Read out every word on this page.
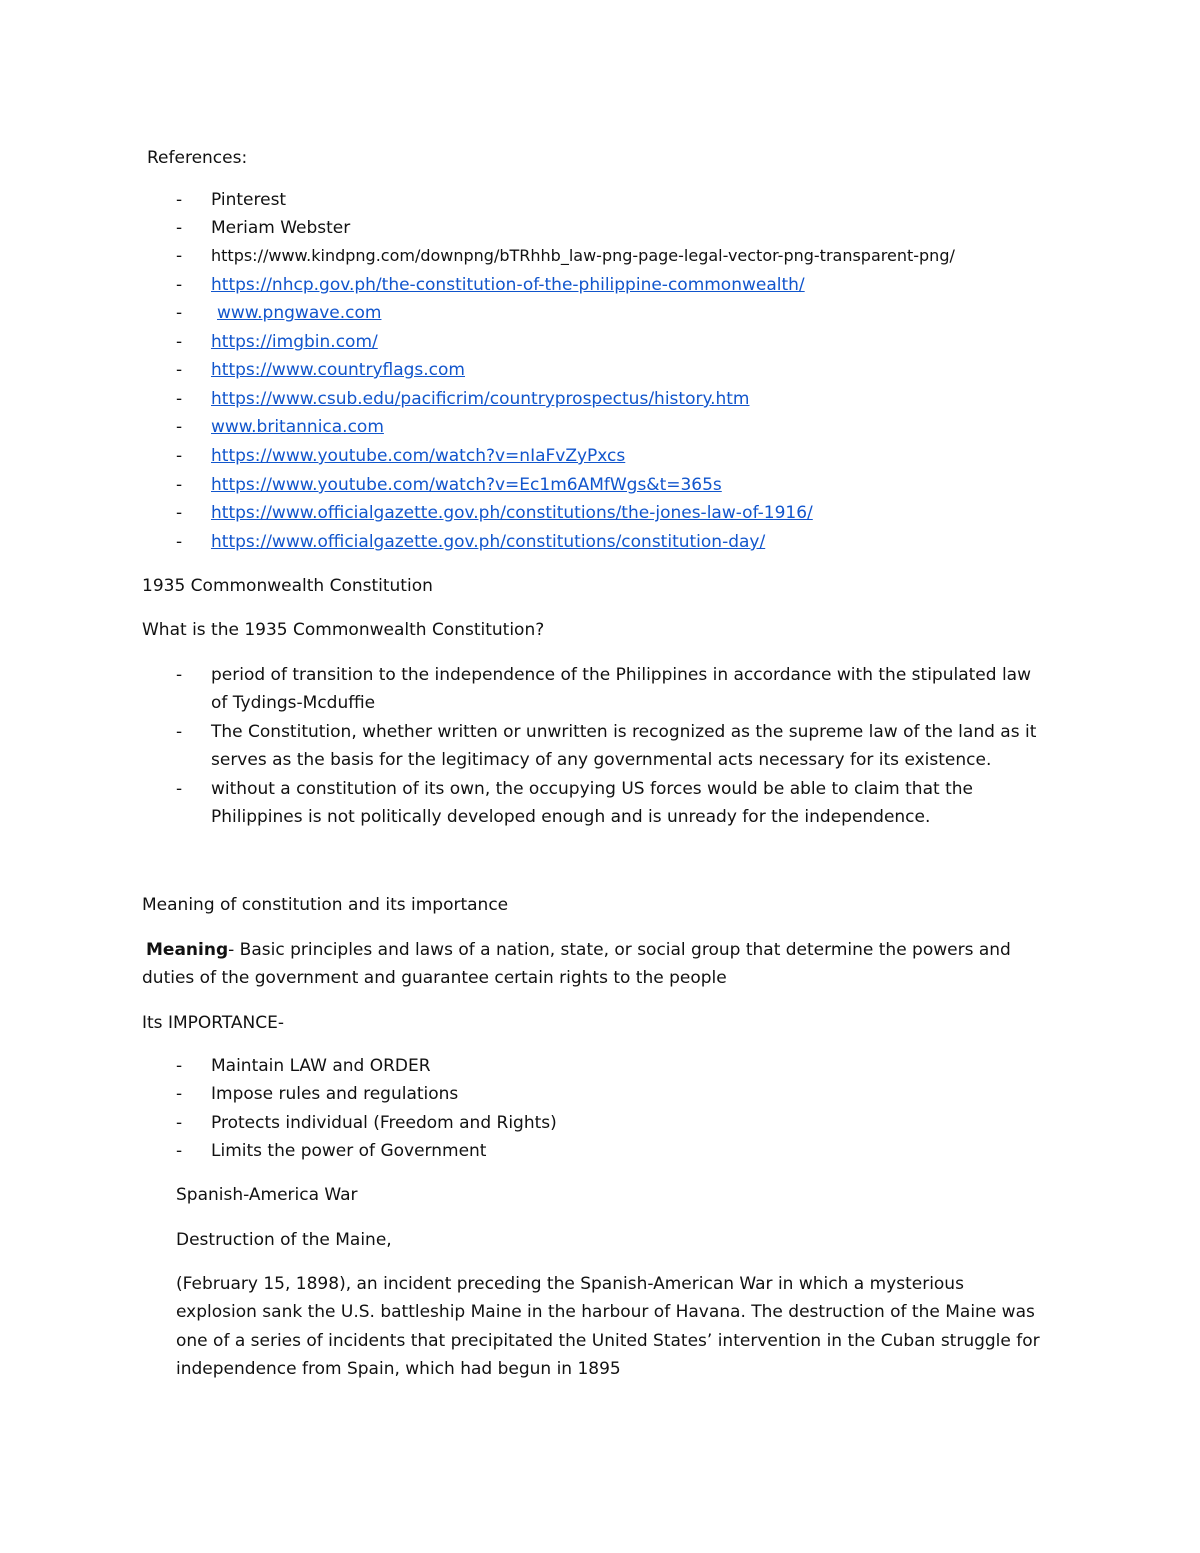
References:
- Pinterest
- Meriam Webster
- https://www.kindpng.com/downpng/bTRhhb_law-png-page-legal-vector-png-transparent-png/
- https://nhcp.gov.ph/the-constitution-of-the-philippine-commonwealth/
- www.pngwave.com
- https://imgbin.com/
- https://www.countryflags.com
- https://www.csub.edu/pacificrim/countryprospectus/history.htm
- www.britannica.com
- https://www.youtube.com/watch?v=nIaFvZyPxcs
- https://www.youtube.com/watch?v=Ec1m6AMfWgs&t=365s
- https://www.officialgazette.gov.ph/constitutions/the-jones-law-of-1916/
- https://www.officialgazette.gov.ph/constitutions/constitution-day/
1935 Commonwealth Constitution
What is the 1935 Commonwealth Constitution?
- period of transition to the independence of the Philippines in accordance with the stipulated law
of Tydings-Mcduffie
- The Constitution, whether written or unwritten is recognized as the supreme law of the land as it
serves as the basis for the legitimacy of any governmental acts necessary for its existence.
- without a constitution of its own, the occupying US forces would be able to claim that the
Philippines is not politically developed enough and is unready for the independence.
Meaning of constitution and its importance
Meaning- Basic principles and laws of a nation, state, or social group that determine the powers and
duties of the government and guarantee certain rights to the people
Its IMPORTANCE-
- Maintain LAW and ORDER
- Impose rules and regulations
- Protects individual (Freedom and Rights)
- Limits the power of Government
Spanish-America War
Destruction of the Maine,
(February 15, 1898), an incident preceding the Spanish-American War in which a mysterious
explosion sank the U.S. battleship Maine in the harbour of Havana. The destruction of the Maine was
one of a series of incidents that precipitated the United States’ intervention in the Cuban struggle for
independence from Spain, which had begun in 1895
